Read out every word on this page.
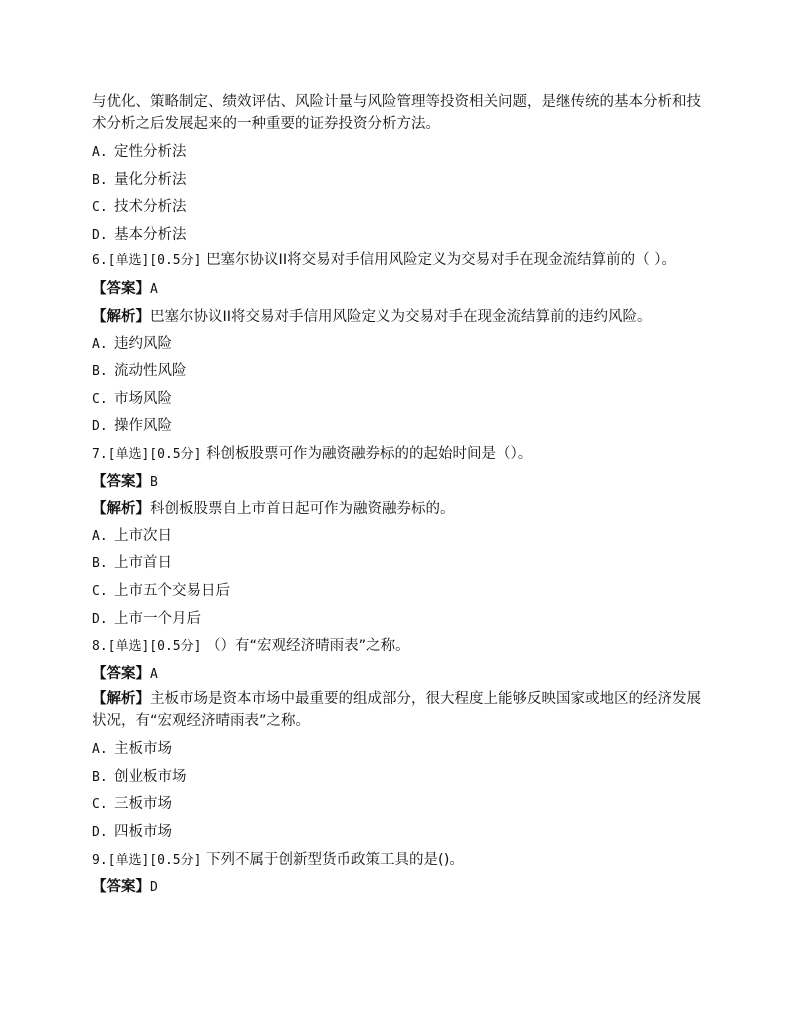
与优化、策略制定、绩效评估、风险计量与风险管理等投资相关问题，是继传统的基本分析和技术分析之后发展起来的一种重要的证券投资分析方法。
A. 定性分析法
B. 量化分析法
C. 技术分析法
D. 基本分析法
6.[单选][0.5分] 巴塞尔协议II将交易对手信用风险定义为交易对手在现金流结算前的（ ）。
【答案】A
【解析】巴塞尔协议II将交易对手信用风险定义为交易对手在现金流结算前的违约风险。
A. 违约风险
B. 流动性风险
C. 市场风险
D. 操作风险
7.[单选][0.5分] 科创板股票可作为融资融券标的的起始时间是（）。
【答案】B
【解析】科创板股票自上市首日起可作为融资融券标的。
A. 上市次日
B. 上市首日
C. 上市五个交易日后
D. 上市一个月后
8.[单选][0.5分] （）有“宏观经济晴雨表”之称。
【答案】A
【解析】主板市场是资本市场中最重要的组成部分，很大程度上能够反映国家或地区的经济发展状况，有“宏观经济晴雨表”之称。
A. 主板市场
B. 创业板市场
C. 三板市场
D. 四板市场
9.[单选][0.5分] 下列不属于创新型货币政策工具的是()。
【答案】D
